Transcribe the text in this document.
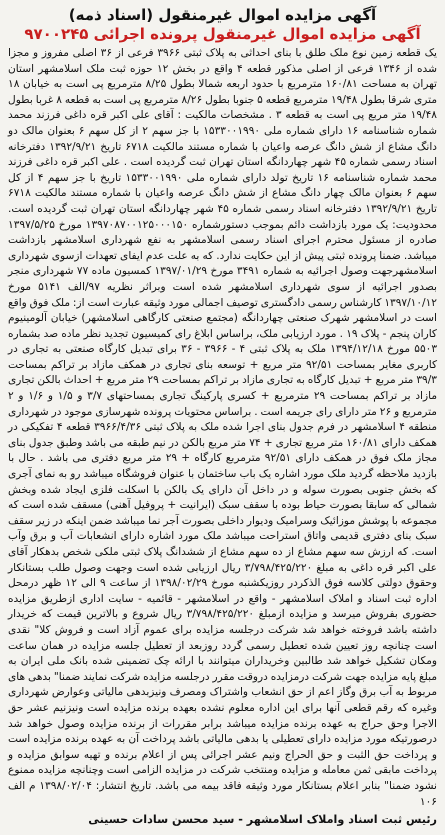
آگهی مزایده اموال غیرمنقول (اسناد ذمه)
آگهی مزایده اموال غیرمنقول پرونده اجرائی ۹۷۰۰۲۴۵

یک قطعه زمین نوع ملک طلق با بنای احداثی به پلاک ثبتی ۳۹۶۶ فرعی از ۳۶ اصلی مفروز و مجزا شده از ۱۳۴۶ فرعی از اصلی مذکور قطعه ۴ واقع در بخش ۱۲ حوزه ثبت ملک اسلامشهر استان تهران به مساحت ۱۶۰/۸۱ مترمربع با حدود اربعه شمالا بطول ۸/۲۵ مترمربع پی است به خیابان ۱۸ متری شرقا بطول ۱۹/۴۸ مترمربع قطعه ۵ جنوبا بطول ۸/۲۶ مترمربع پی است به قطعه ۸ غربا بطول ۱۹/۴۸ متر مربع پی است به قطعه ۳ . مشخصات مالکیت : آقای علی اکبر قره داغی فرزند محمد شماره شناسنامه ۱۶ دارای شماره ملی ۱۵۳۳۰۰۱۹۹۰ با جز سهم ۲ از کل سهم ۶ بعنوان مالک دو دانگ مشاع از شش دانگ عرصه واعیان با شماره مستند مالکیت ۶۷۱۸ تاریخ ۱۳۹۲/۹/۲۱ دفترخانه اسناد رسمی شماره ۴۵ شهر چهاردانگه استان تهران ثبت گردیده است . علی اکبر قره داغی فرزند محمد شماره شناسنامه ۱۶ تاریخ تولد دارای شماره ملی ۱۵۳۳۰۰۱۹۹۰ تاریخ با جز سهم ۴ از کل سهم ۶ بعنوان مالک چهار دانگ مشاع از شش دانگ عرصه واعیان با شماره مستند مالکیت ۶۷۱۸ تاریخ ۱۳۹۲/۹/۲۱ دفترخانه اسناد رسمی شماره ۴۵ شهر چهاردانگه استان تهران ثبت گردیده است. محدودیت: یک مورد بازداشت دائم بموجب دستورشماره ۱۳۹۷۰۸۷۰۰۱۲۵۰۰۰۱۵۰ مورخ ۱۳۹۷/۵/۲۵ صادره از مسئول محترم اجرای اسناد رسمی اسلامشهر به نفع شهرداری اسلامشهر بازداشت میباشد. ضمنا پرونده ثبتی پیش از این حکایت ندارد. که به علت عدم ایفای تعهدات ازسوی شهرداری اسلامشهرجهت وصول اجرائیه به شماره ۳۴۹۱ مورخ ۱۳۹۷/۰۱/۲۹ کمسیون ماده ۷۷ شهرداری منجر بصدور اجرائیه از سوی شهرداری اسلامشهر شده است وبراثر نظریه ۹۷/الف ۵۱۴۱ مورخ ۱۳۹۷/۱۰/۱۲ کارشناس رسمی دادگستری توصیف اجمالی مورد وثیقه عبارت است از: ملک فوق واقع است در اسلامشهر شهرک صنعتی چهاردانگه (مجتمع صنعتی کارگاهی اسلامشهر) خیابان آلومینیوم کاران پنجم - پلاک ۱۹ . مورد ارزیابی ملک، براساس ابلاغ رای کمیسیون تجدید نظر ماده صد بشماره ۵۵۰۳ مورخ ۱۳۹۴/۱۲/۱۸ ملک به پلاک ثبتی ۴ - ۳۹۶۶ - ۳۶ برای تبدیل کارگاه صنعتی به تجاری در کاربری مغایر بمساحت ۹۲/۵۱ متر مربع + توسعه بنای تجاری در همکف مازاد بر تراکم بمساحت ۳۹/۳ متر مربع + تبدیل کارگاه به تجاری مازاد بر تراکم بمساحت ۲۹ متر مربع + احداث بالکن تجاری مازاد بر تراکم بمساحت ۲۹ مترمربع + کسری پارکینگ تجاری بمساحتهای ۳/۷ و ۱/۵ و ۱/۶ و ۲ مترمربع و ۲۶ متر دارای رای جریمه است . براساس محتویات پرونده شهرسازی موجود در شهرداری منطقه ۴ اسلامشهر در فرم جدول بنای اجرا شده ملک به پلاک ثبتی ۳۹۶۶/۴/۳۶ قطعه ۴ تفکیکی در همکف دارای ۱۶۰/۸۱ متر مربع تجاری + ۷۴ متر مربع بالکن در نیم طبقه می باشد وطبق جدول بنای مجاز ملک فوق در همکف دارای ۹۲/۵۱ مترمربع کارگاه + ۲۹ متر مربع دفتری می باشد . حال با بازدید ملاحظه گردید ملک مورد اشاره یک باب ساختمان با عنوان فروشگاه میباشد رو به نمای آجری که بخش جنوبی بصورت سوله و در داخل آن دارای یک بالکن با اسکلت فلزی ایجاد شده وبخش شمالی که سابقا بصورت حیاط بوده با سقف سبک (ایرانیت + پروفیل آهنی) مسقف شده است که مجموعه با پوشش موزائیک وسرامیک ودیوار داخلی بصورت آجر نما میباشد ضمن اینکه در زیر سقف سبک بنای دفتری قدیمی واتاق استراحت میباشد ملک مورد اشاره دارای انشعابات آب و برق وآب است. که ارزش سه سهم مشاع از ده سهم مشاع از ششدانگ پلاک ثبتی ملکی شخص بدهکار آقای علی اکبر قره داغی به مبلغ ۳/۷۹۸/۴۲۵/۲۲۰ ریال ارزیابی شده است وجهت وصول طلب بستانکار وحقوق دولتی کلاسه فوق الذکردر روزیکشنبه مورخ ۱۳۹۸/۰۲/۲۹ از ساعت ۹ الی ۱۲ ظهر درمحل اداره ثبت اسناد و املاک اسلامشهر - واقع در اسلامشهر - قائمیه - سایت اداری ازطریق مزایده حضوری بفروش میرسد و مزایده ازمبلغ ۳/۷۹۸/۴۲۵/۲۲۰ ریال شروع و بالاترین قیمت که خریدار داشته باشد فروخته خواهد شد شرکت درجلسه مزایده برای عموم آزاد است و فروش کلا" نقدی است چنانچه روز تعیین شده تعطیل رسمی گردد روزبعد از تعطیل جلسه مزایده در همان ساعت ومکان تشکیل خواهد شد طالبین وخریداران میتوانند با ارائه چک تضمینی شده بانک ملی ایران به مبلغ پایه مزایده جهت شرکت درمزایده دروقت مقرر درجلسه مزایده شرکت نمایند ضمنا" بدهی های مربوط به آب برق وگاز اعم از حق انشعاب واشتراک ومصرف ونیزبدهی مالیاتی وعوارض شهرداری وغیره که رقم قطعی آنها برای این اداره معلوم نشده بعهده برنده مزایده است ونیزنیم عشر حق الاجرا وحق حراج به عهده برنده مزایده میباشد برابر مقررات از برنده مزایده وصول خواهد شد درصورتیکه مورد مزایده دارای تعطیلی یا بدهی مالیاتی باشد پرداخت آن به عهده برنده مزایده است و پرداخت حق الثبت و حق الحراج ونیم عشر اجرائی پس از اعلام برنده و تهیه سوابق مزایده و پرداخت مابقی ثمن معامله و مزایده ومنتخب شرکت در مزایده الزامی است وچنانچه مزایده ممنوع نشود ضمنا" بنابر اعلام بستانکار مورد وثیقه فاقد بیمه می باشد. تاریخ انتشار: ۱۳۹۸/۰۲/۰۴ م الف ۱۰۶

رئیس ثبت اسناد واملاک اسلامشهر - سید محسن سادات حسینی
